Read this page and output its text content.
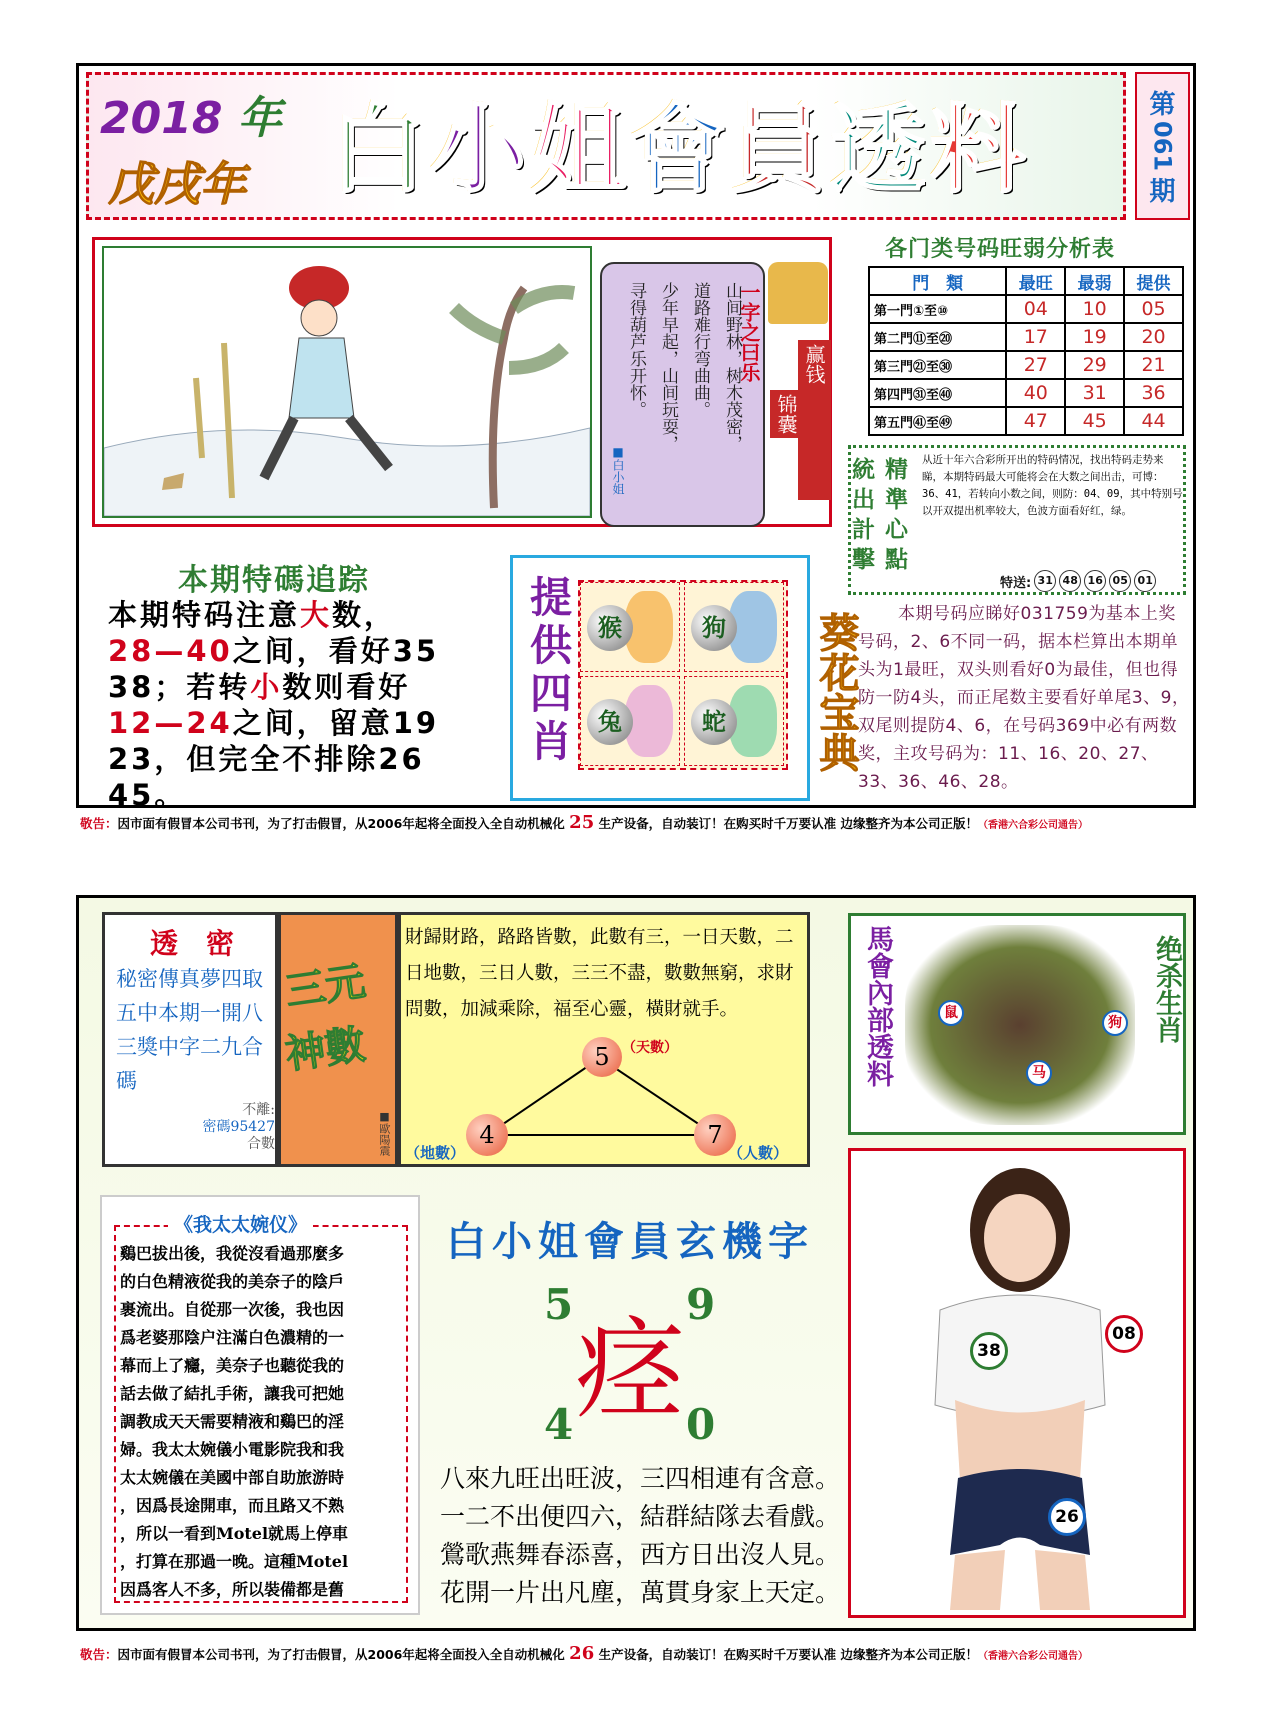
2018 年
戊戌年 白 小 姐 會 員 透 料	第
061
期
一字之曰乐
山间野林，树木茂密，
道路难行弯曲曲。
少年早起，山间玩耍，
寻得葫芦乐开怀。
■白小姐
锦囊
赢钱
各门类号码旺弱分析表
門　類	最旺	最弱	提供
第一門①至⑩	04	10	05
第二門⑪至⑳	17	19	20
第三門㉑至㉚	27	29	21
第四門㉛至㊵	40	31	36
第五門㊶至㊾	47	45	44
統 精
出 準
計 心
擊 點
从近十年六合彩所开出的特码情况，找出特码走势来睇，本期特码最大可能将会在大数之间出击，可博：36、41，若转向小数之间，则防：04、09，其中特别号以开双提出机率较大，色波方面看好红，绿。
特送: 31 48 16 05 01
本期特碼追踪
本期特码注意大数，
28—40之间，看好35
38；若转小数则看好
12—24之间，留意19
23，但完全不排除26
45。
提供四肖	猴	狗
兔	蛇 葵花宝典	本期号码应睇好031759为基本上奖号码，2、6不同一码，据本栏算出本期单头为1最旺，双头则看好0为最佳，但也得防一防4头，而正尾数主要看好单尾3、9，双尾则提防4、6，在号码369中必有两数奖，主攻号码为：11、16、20、27、33、36、46、28。
敬告：因市面有假冒本公司书刊，为了打击假冒，从2006年起将全面投入全自动机械化 25 生产设备，自动装订！在购买时千万要认准 边缘整齐为本公司正版！（香港六合彩公司通告）
透　密
秘密傳真夢四取
五中本期一開八
三獎中字二九合
碼
不離:
密碼95427
合數
三元
神數
■歐陽震
財歸財路，路路皆數，此數有三，一日天數，二日地數，三日人數，三三不盡，數數無窮，求財問數，加減乘除，福至心靈，橫財就手。
5 （天數）
4
（地數）
7
（人數）
馬會內部透料	绝杀生肖
鼠
马
狗
《我太太婉仪》
鷄巴拔出後，我從沒看過那麼多
的白色精液從我的美奈子的陰戶
裹流出。自從那一次後，我也因
爲老婆那陰户注滿白色濃精的一
幕而上了癮，美奈子也聽從我的
話去做了結扎手術，讓我可把她
調教成天天需要精液和鷄巴的淫
婦。我太太婉儀小電影院我和我
太太婉儀在美國中部自助旅游時
，因爲長途開車，而且路又不熟
，所以一看到Motel就馬上停車
，打算在那過一晚。這種Motel
因爲客人不多，所以裝備都是舊
白小姐會員玄機字
5	9
痉
4	0
八來九旺出旺波，三四相連有含意。
一二不出便四六，結群結隊去看戲。
鶯歌燕舞春添喜，西方日出沒人見。
花開一片出凡塵，萬貫身家上天定。
38
08
26
敬告：因市面有假冒本公司书刊，为了打击假冒，从2006年起将全面投入全自动机械化 26 生产设备，自动装订！在购买时千万要认准 边缘整齐为本公司正版！（香港六合彩公司通告）
